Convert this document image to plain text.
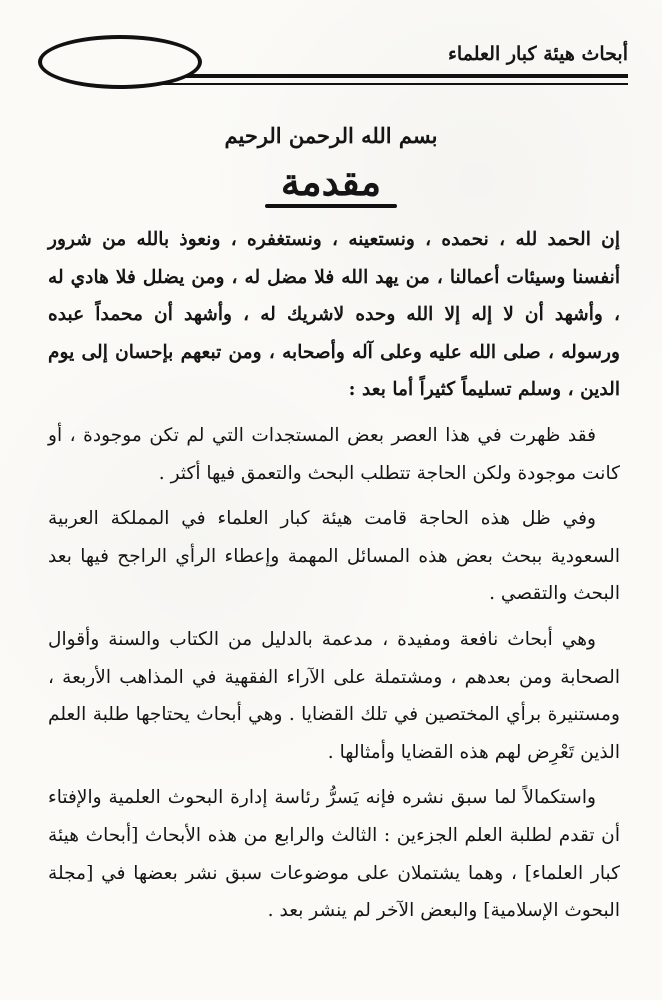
أبحاث هيئة كبار العلماء
بسم الله الرحمن الرحيم
مقدمة

إن الحمد لله ، نحمده ، ونستعينه ، ونستغفره ، ونعوذ بالله من شرور أنفسنا وسيئات أعمالنا ، من يهد الله فلا مضل له ، ومن يضلل فلا هادي له ، وأشهد أن لا إله إلا الله وحده لاشريك له ، وأشهد أن محمداً عبده ورسوله ، صلى الله عليه وعلى آله وأصحابه ، ومن تبعهم بإحسان إلى يوم الدين ، وسلم تسليماً كثيراً أما بعد :

فقد ظهرت في هذا العصر بعض المستجدات التي لم تكن موجودة ، أو كانت موجودة ولكن الحاجة تتطلب البحث والتعمق فيها أكثر .

وفي ظل هذه الحاجة قامت هيئة كبار العلماء في المملكة العربية السعودية ببحث بعض هذه المسائل المهمة وإعطاء الرأي الراجح فيها بعد البحث والتقصي .

وهي أبحاث نافعة ومفيدة ، مدعمة بالدليل من الكتاب والسنة وأقوال الصحابة ومن بعدهم ، ومشتملة على الآراء الفقهية في المذاهب الأربعة ، ومستنيرة برأي المختصين في تلك القضايا . وهي أبحاث يحتاجها طلبة العلم الذين تَعْرِض لهم هذه القضايا وأمثالها .

واستكمالاً لما سبق نشره فإنه يَسرُّ رئاسة إدارة البحوث العلمية والإفتاء أن تقدم لطلبة العلم الجزءين : الثالث والرابع من هذه الأبحاث [أبحاث هيئة كبار العلماء] ، وهما يشتملان على موضوعات سبق نشر بعضها في [مجلة البحوث الإسلامية] والبعض الآخر لم ينشر بعد .
